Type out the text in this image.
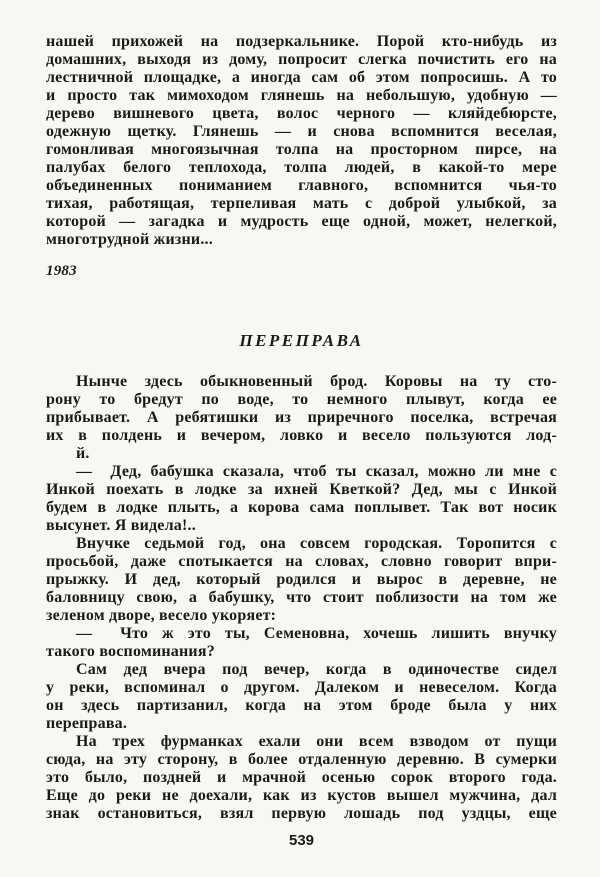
нашей прихожей на подзеркальнике. Порой кто-нибудь из
домашних, выходя из дому, попросит слегка почистить его на
лестничной площадке, а иногда сам об этом попросишь. А то
и просто так мимоходом глянешь на небольшую, удобную —
дерево вишневого цвета, волос черного — кляйдебюрсте,
одежную щетку. Глянешь — и снова вспомнится веселая,
гомонливая многоязычная толпа на просторном пирсе, на
палубах белого теплохода, толпа людей, в какой-то мере
объединенных пониманием главного, вспомнится чья-то
тихая, работящая, терпеливая мать с доброй улыбкой, за
которой — загадка и мудрость еще одной, может, нелегкой,
многотрудной жизни...
1983
ПЕРЕПРАВА
Нынче здесь обыкновенный брод. Коровы на ту сто-
рону то бредут по воде, то немного плывут, когда ее
прибывает. А ребятишки из приречного поселка, встречая
их в полдень и вечером, ловко и весело пользуются лод-
й.
—  Дед, бабушка сказала, чтоб ты сказал, можно ли мне с
Инкой поехать в лодке за ихней Кветкой? Дед, мы с Инкой
будем в лодке плыть, а корова сама поплывет. Так вот носик
высунет. Я видела!..
Внучке седьмой год, она совсем городская. Торопится с
просьбой, даже спотыкается на словах, словно говорит впри-
прыжку. И дед, который родился и вырос в деревне, не
баловницу свою, а бабушку, что стоит поблизости на том же
зеленом дворе, весело укоряет:
—  Что ж это ты, Семеновна, хочешь лишить внучку
такого воспоминания?
Сам дед вчера под вечер, когда в одиночестве сидел
у реки, вспоминал о другом. Далеком и невеселом. Когда
он здесь партизанил, когда на этом броде была у них
переправа.
На трех фурманках ехали они всем взводом от пущи
сюда, на эту сторону, в более отдаленную деревню. В сумерки
это было, поздней и мрачной осенью сорок второго года.
Еще до реки не доехали, как из кустов вышел мужчина, дал
знак остановиться, взял первую лошадь под уздцы, еще
539
